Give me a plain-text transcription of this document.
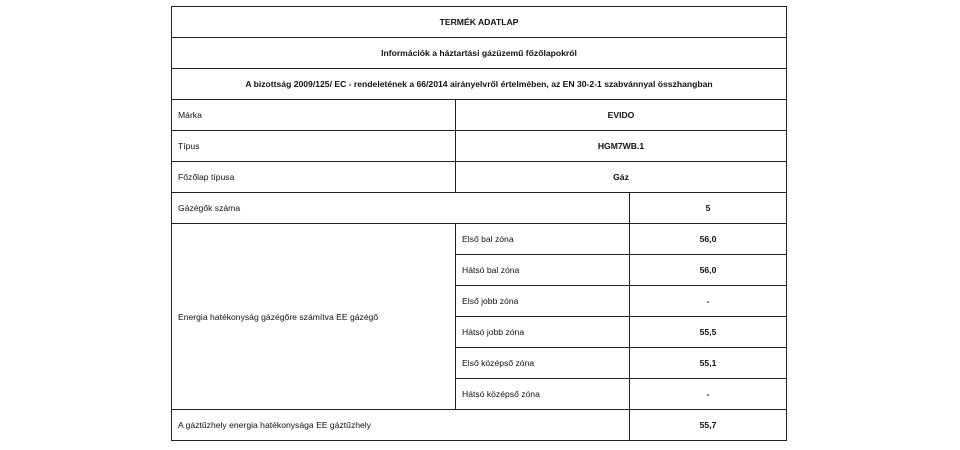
TERMÉK ADATLAP		
Információk a háztartási gázüzemű főzőlapokról		
A bizottság 2009/125/ EC - rendeletének a 66/2014 airányelvről értelmében, az EN 30-2-1 szabvánnyal összhangban		
Márka	EVIDO	
Típus	HGM7WB.1	
Főzőlap típusa	Gáz	
Gázégők száma		5
Energia hatékonyság gázégőre számítva EE gázégő	Első bal zóna	56,0
	Hátsó bal zóna	56,0
	Első jobb zóna	-
	Hátsó jobb zóna	55,5
	Első középső zóna	55,1
	Hátsó középső zóna	-
A gáztűzhely energia hatékonysága EE gáztűzhely		55,7
